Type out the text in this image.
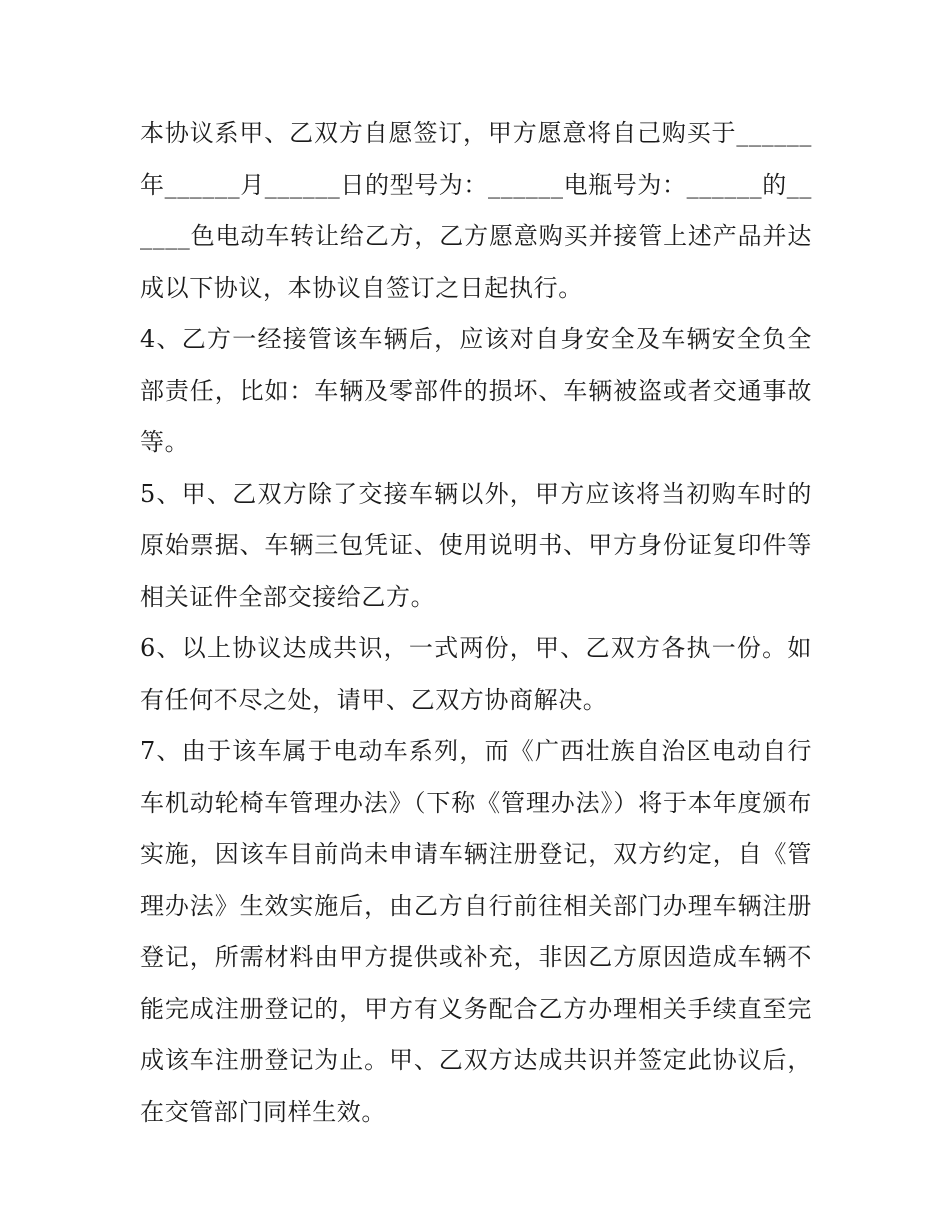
本协议系甲、乙双方自愿签订，甲方愿意将自己购买于______年______月______日的型号为：______电瓶号为：______的______色电动车转让给乙方，乙方愿意购买并接管上述产品并达成以下协议，本协议自签订之日起执行。

4、乙方一经接管该车辆后，应该对自身安全及车辆安全负全部责任，比如：车辆及零部件的损坏、车辆被盗或者交通事故等。

5、甲、乙双方除了交接车辆以外，甲方应该将当初购车时的原始票据、车辆三包凭证、使用说明书、甲方身份证复印件等相关证件全部交接给乙方。

6、以上协议达成共识，一式两份，甲、乙双方各执一份。如有任何不尽之处，请甲、乙双方协商解决。

7、由于该车属于电动车系列，而《广西壮族自治区电动自行车机动轮椅车管理办法》（下称《管理办法》）将于本年度颁布实施，因该车目前尚未申请车辆注册登记，双方约定，自《管理办法》生效实施后，由乙方自行前往相关部门办理车辆注册登记，所需材料由甲方提供或补充，非因乙方原因造成车辆不能完成注册登记的，甲方有义务配合乙方办理相关手续直至完成该车注册登记为止。甲、乙双方达成共识并签定此协议后，在交管部门同样生效。
